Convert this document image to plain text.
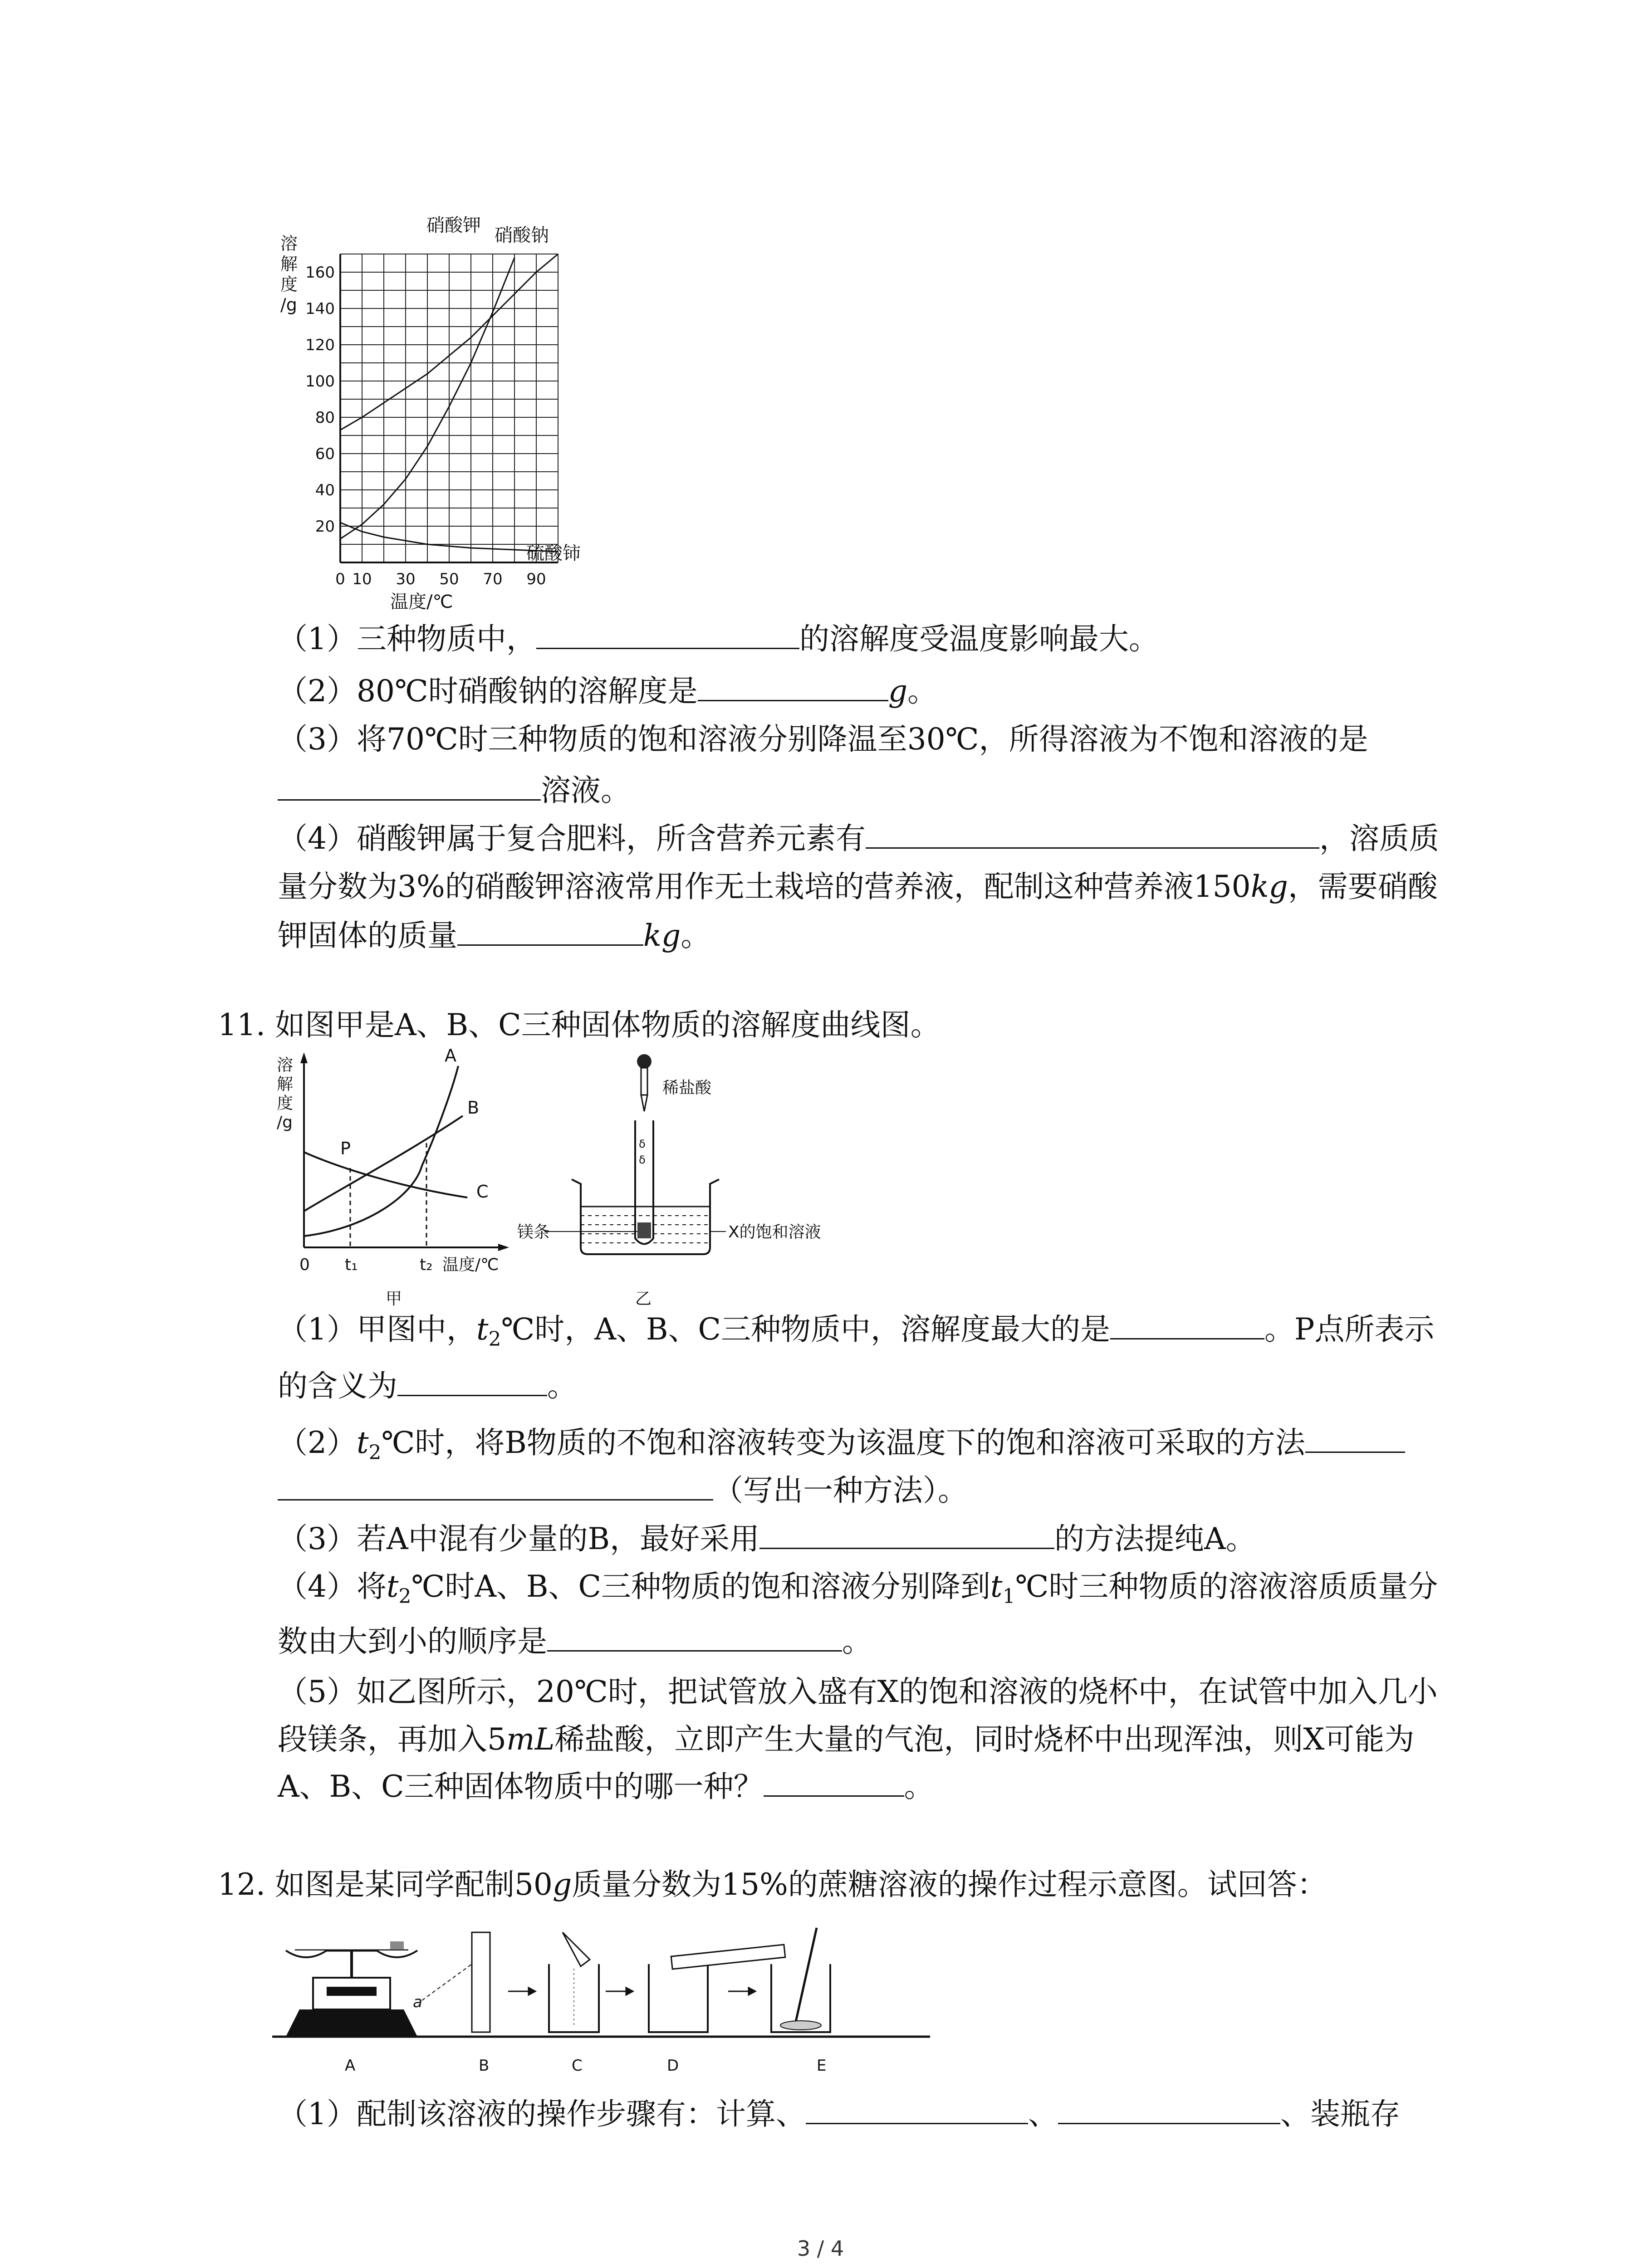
20
40
60
80
100
120
140
160
0 10 30 50 70 90
溶
解
度
/g
温度/℃
硝酸钾 硝酸钠
硫酸铈
（1）三种物质中，	的溶解度受温度影响最大。
（2）80℃时硝酸钠的溶解度是	g。
（3）将70℃时三种物质的饱和溶液分别降温至30℃，所得溶液为不饱和溶液的是
溶液。
（4）硝酸钾属于复合肥料，所含营养元素有	，溶质质
量分数为3%的硝酸钾溶液常用作无土栽培的营养液，配制这种营养液150kg，需要硝酸
钾固体的质量	kg。
11. 如图甲是A、B、C三种固体物质的溶解度曲线图。
A
B
C
P
溶
解
度
/g
0 t₁	t₂ 温度/℃
甲
稀盐酸
δ
δ
镁条	X的饱和溶液
乙
（1）甲图中，$t_2℃$时，A、B、C三种物质中，溶解度最大的是	。P点所表示
的含义为	。
$(2)t_2℃$时，将B物质的不饱和溶液转变为该温度下的饱和溶液可采取的方法
（写出一种方法）。
（3）若A中混有少量的B，最好采用	的方法提纯A。
（4）将$t_2℃$时A、B、C三种物质的饱和溶液分别降到$t_1℃$时三种物质的溶液溶质质量分
数由大到小的顺序是	。
（5）如乙图所示，20℃时，把试管放入盛有X的饱和溶液的烧杯中，在试管中加入几小
段镁条，再加入5mL稀盐酸，立即产生大量的气泡，同时烧杯中出现浑浊，则X可能为
A、B、C三种固体物质中的哪一种？	。
12. 如图是某同学配制50g质量分数为15%的蔗糖溶液的操作过程示意图。试回答：
a
A	B	C	D	E
（1）配制该溶液的操作步骤有：计算、	、	、装瓶存
3 / 4
